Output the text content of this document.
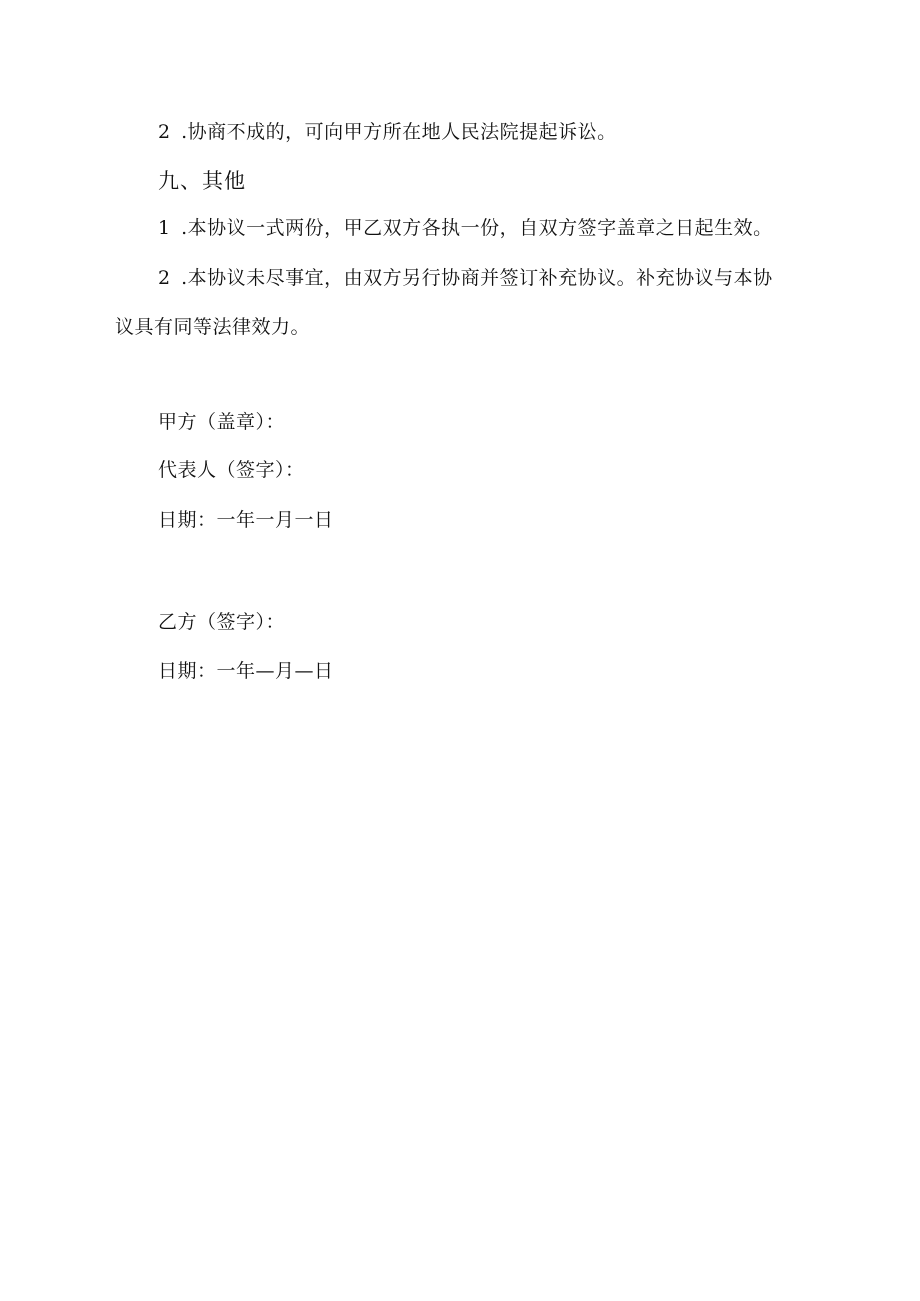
2 .协商不成的，可向甲方所在地人民法院提起诉讼。
九、其他
1 .本协议一式两份，甲乙双方各执一份，自双方签字盖章之日起生效。
2 .本协议未尽事宜，由双方另行协商并签订补充协议。补充协议与本协
议具有同等法律效力。
甲方（盖章）：
代表人（签字）：
日期：一年一月一日
乙方（签字）：
日期：一年—月—日
